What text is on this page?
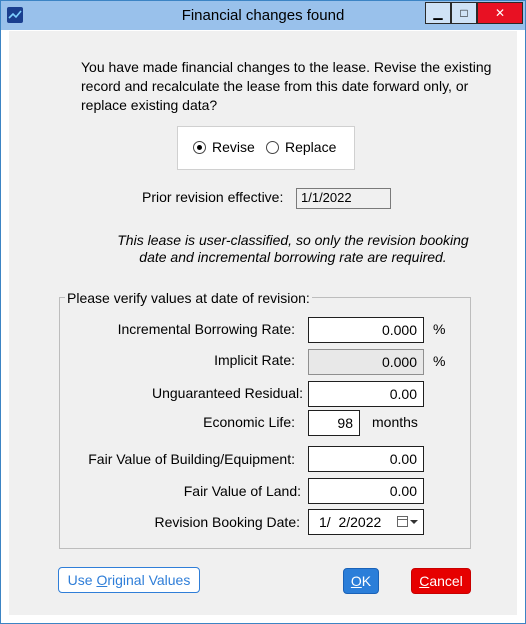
Financial changes found	▁	□	✕
You have made financial changes to the lease. Revise the existing record and recalculate the lease from this date forward only, or replace existing data?
Revise Replace
Prior revision effective:	1/1/2022
This lease is user-classified, so only the revision booking date and incremental borrowing rate are required.
Please verify values at date of revision:
Incremental Borrowing Rate:	0.000	%
Implicit Rate:	0.000	%
Unguaranteed Residual:	0.00
Economic Life:	98	months
Fair Value of Building/Equipment:	0.00
Fair Value of Land:	0.00
Revision Booking Date: 1/  2/2022
Use Original Values	OK	Cancel
